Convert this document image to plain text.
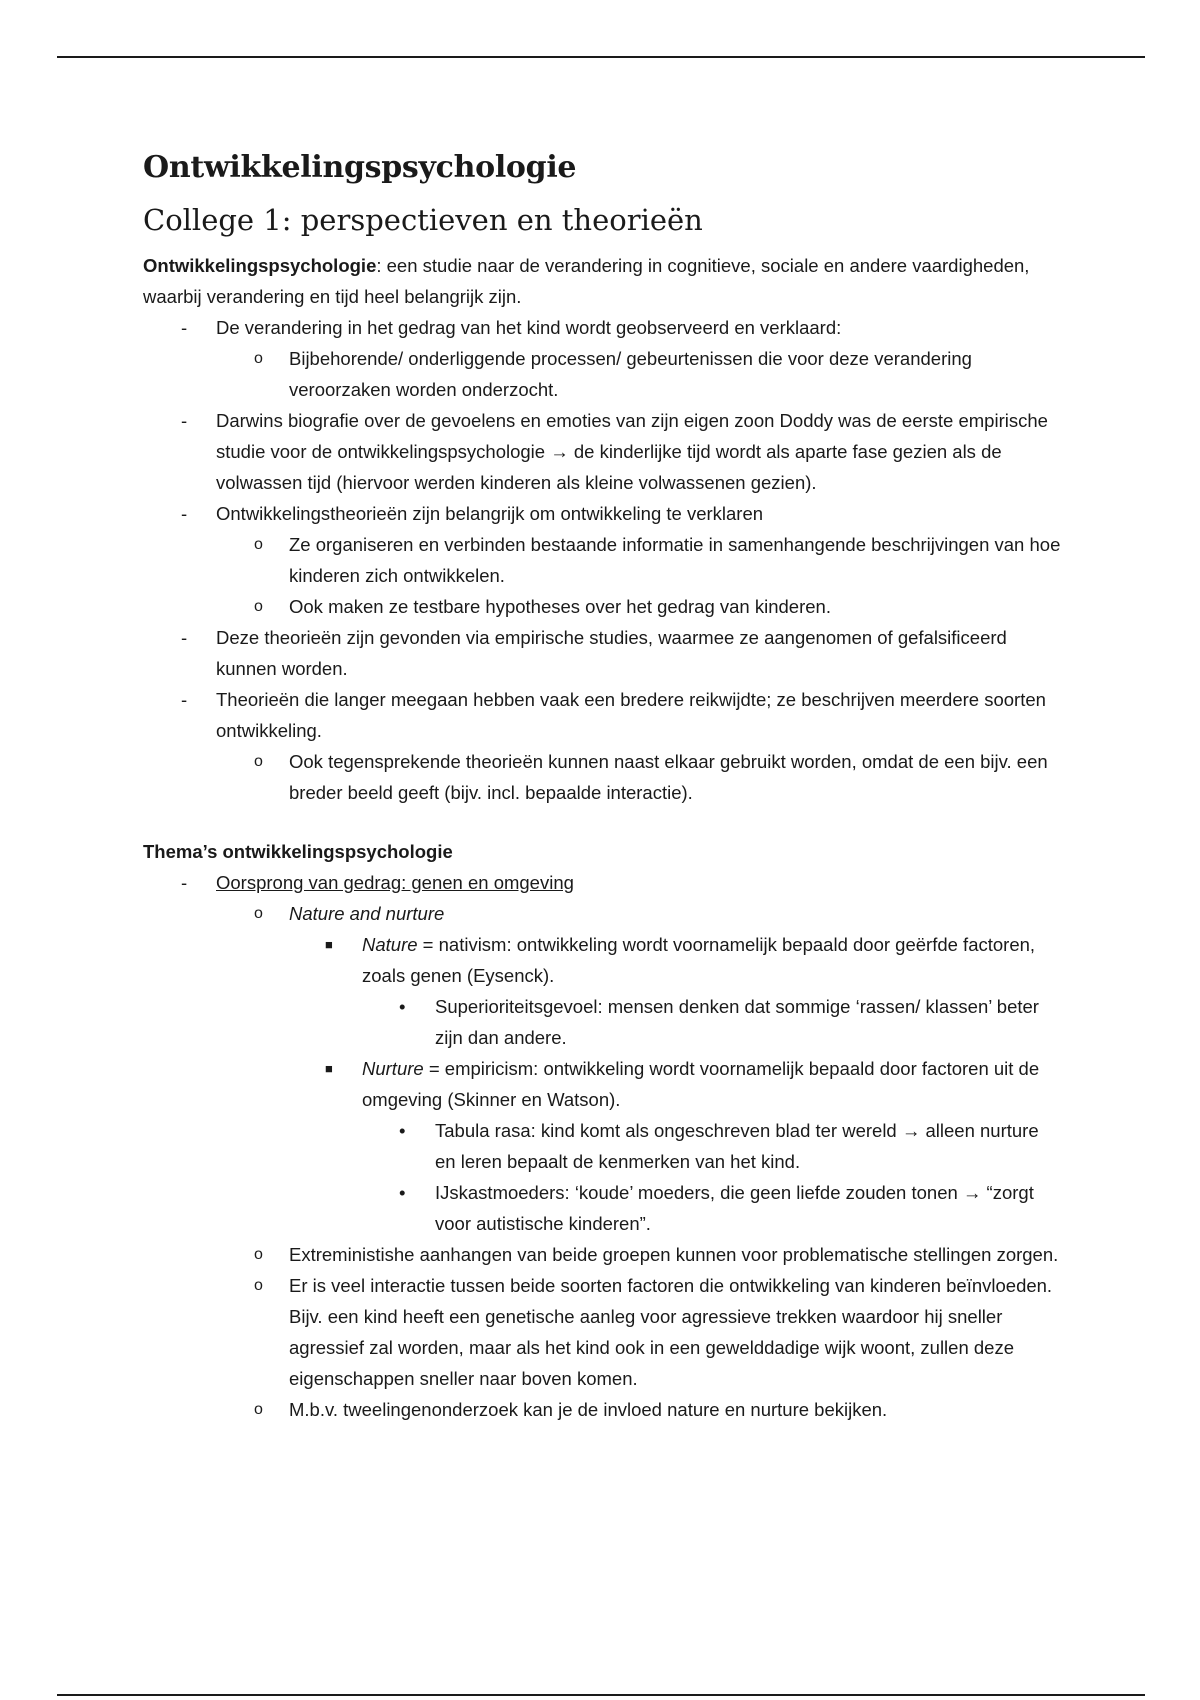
Ontwikkelingspsychologie
College 1: perspectieven en theorieën

Ontwikkelingspsychologie: een studie naar de verandering in cognitieve, sociale en andere vaardigheden, waarbij verandering en tijd heel belangrijk zijn.

- De verandering in het gedrag van het kind wordt geobserveerd en verklaard:
o Bijbehorende/ onderliggende processen/ gebeurtenissen die voor deze verandering veroorzaken worden onderzocht.
- Darwins biografie over de gevoelens en emoties van zijn eigen zoon Doddy was de eerste empirische studie voor de ontwikkelingspsychologie → de kinderlijke tijd wordt als aparte fase gezien als de volwassen tijd (hiervoor werden kinderen als kleine volwassenen gezien).
- Ontwikkelingstheorieën zijn belangrijk om ontwikkeling te verklaren
o Ze organiseren en verbinden bestaande informatie in samenhangende beschrijvingen van hoe kinderen zich ontwikkelen.
o Ook maken ze testbare hypotheses over het gedrag van kinderen.
- Deze theorieën zijn gevonden via empirische studies, waarmee ze aangenomen of gefalsificeerd kunnen worden.
- Theorieën die langer meegaan hebben vaak een bredere reikwijdte; ze beschrijven meerdere soorten ontwikkeling.
o Ook tegensprekende theorieën kunnen naast elkaar gebruikt worden, omdat de een bijv. een breder beeld geeft (bijv. incl. bepaalde interactie).

Thema’s ontwikkelingspsychologie

- Oorsprong van gedrag: genen en omgeving
o Nature and nurture
■ Nature = nativism: ontwikkeling wordt voornamelijk bepaald door geërfde factoren, zoals genen (Eysenck).
• Superioriteitsgevoel: mensen denken dat sommige ‘rassen/ klassen’ beter zijn dan andere.
■ Nurture = empiricism: ontwikkeling wordt voornamelijk bepaald door factoren uit de omgeving (Skinner en Watson).
• Tabula rasa: kind komt als ongeschreven blad ter wereld → alleen nurture en leren bepaalt de kenmerken van het kind.
• IJskastmoeders: ‘koude’ moeders, die geen liefde zouden tonen → “zorgt voor autistische kinderen”.
o Extreministishe aanhangen van beide groepen kunnen voor problematische stellingen zorgen.
o Er is veel interactie tussen beide soorten factoren die ontwikkeling van kinderen beïnvloeden.
Bijv. een kind heeft een genetische aanleg voor agressieve trekken waardoor hij sneller agressief zal worden, maar als het kind ook in een gewelddadige wijk woont, zullen deze eigenschappen sneller naar boven komen.
o M.b.v. tweelingenonderzoek kan je de invloed nature en nurture bekijken.
